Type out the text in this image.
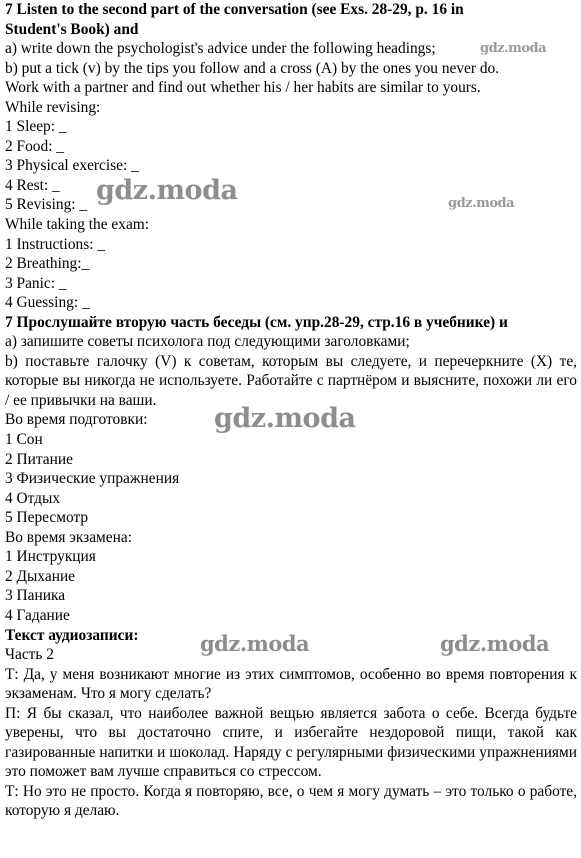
7 Listen to the second part of the conversation (see Exs. 28-29, p. 16 in
Student's Book) and
a) write down the psychologist's advice under the following headings;
b) put a tick (v) by the tips you follow and a cross (A) by the ones you never do.
Work with a partner and find out whether his / her habits are similar to yours.
While revising:
1 Sleep: _
2 Food: _
3 Physical exercise: _
4 Rest: _
5 Revising: _
While taking the exam:
1 Instructions: _
2 Breathing:_
3 Panic: _
4 Guessing: _
7 Прослушайте вторую часть беседы (см. упр.28-29, стр.16 в учебнике) и
а) запишите советы психолога под следующими заголовками;
b) поставьте галочку (V) к советам, которым вы следуете, и перечеркните (X) те, которые вы никогда не используете. Работайте с партнёром и выясните, похожи ли его / ее привычки на ваши.
Во время подготовки:
1 Сон
2 Питание
3 Физические упражнения
4 Отдых
5 Пересмотр
Во время экзамена:
1 Инструкция
2 Дыхание
3 Паника
4 Гадание
Текст аудиозаписи:
Часть 2
Т: Да, у меня возникают многие из этих симптомов, особенно во время повторения к экзаменам. Что я могу сделать?
П: Я бы сказал, что наиболее важной вещью является забота о себе. Всегда будьте уверены, что вы достаточно спите, и избегайте нездоровой пищи, такой как газированные напитки и шоколад. Наряду с регулярными физическими упражнениями это поможет вам лучше справиться со стрессом.
Т: Но это не просто. Когда я повторяю, все, о чем я могу думать – это только о работе, которую я делаю.
gdz.moda
gdz.moda	gdz.moda
gdz.moda
gdz.moda	gdz.moda
